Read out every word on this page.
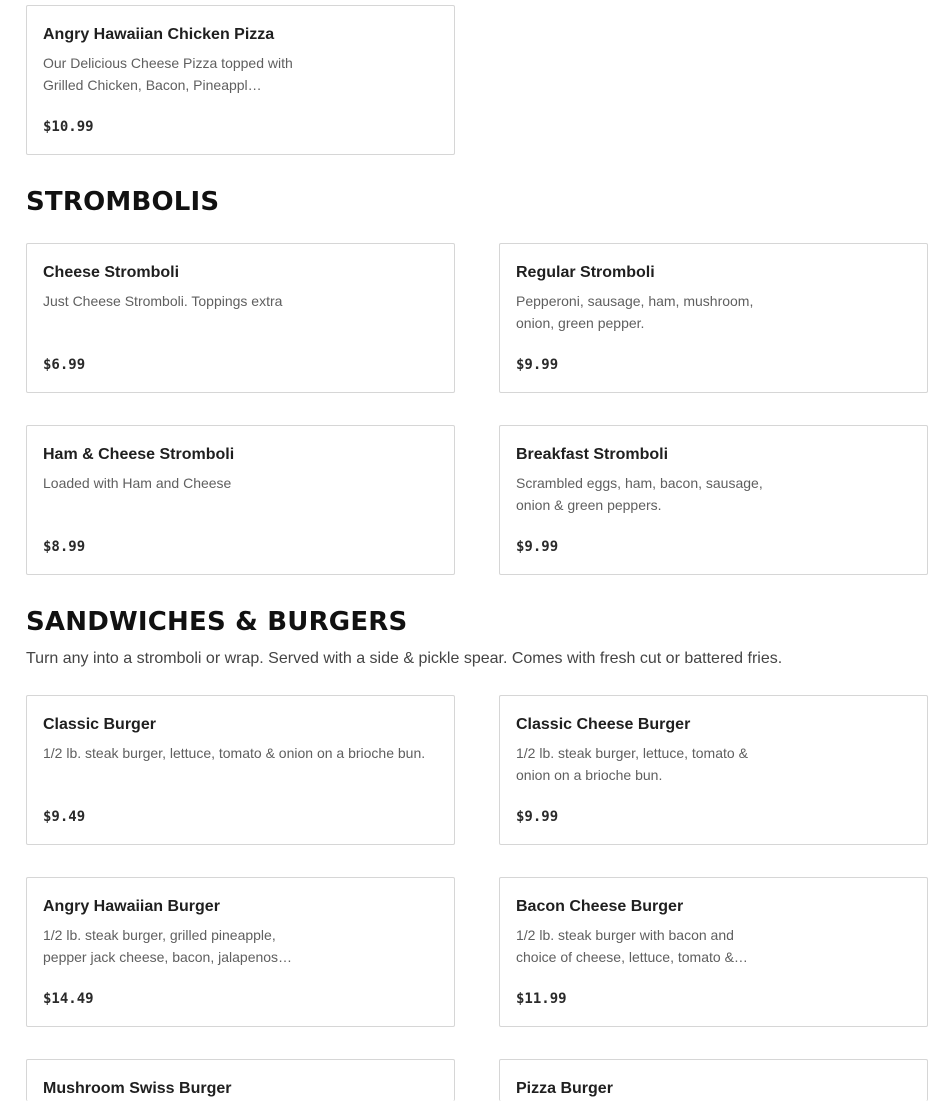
Angry Hawaiian Chicken Pizza
Our Delicious Cheese Pizza topped with Grilled Chicken, Bacon, Pineappl…
$10.99
STROMBOLIS
Cheese Stromboli
Just Cheese Stromboli. Toppings extra
$6.99
Regular Stromboli
Pepperoni, sausage, ham, mushroom, onion, green pepper.
$9.99
Ham & Cheese Stromboli
Loaded with Ham and Cheese
$8.99
Breakfast Stromboli
Scrambled eggs, ham, bacon, sausage, onion & green peppers.
$9.99
SANDWICHES & BURGERS

Turn any into a stromboli or wrap. Served with a side & pickle spear. Comes with fresh cut or battered fries.

Classic Burger
1/2 lb. steak burger, lettuce, tomato & onion on a brioche bun.
$9.49
Classic Cheese Burger
1/2 lb. steak burger, lettuce, tomato & onion on a brioche bun.
$9.99
Angry Hawaiian Burger
1/2 lb. steak burger, grilled pineapple, pepper jack cheese, bacon, jalapenos…
$14.49
Bacon Cheese Burger
1/2 lb. steak burger with bacon and choice of cheese, lettuce, tomato &…
$11.99
Mushroom Swiss Burger	Pizza Burger
